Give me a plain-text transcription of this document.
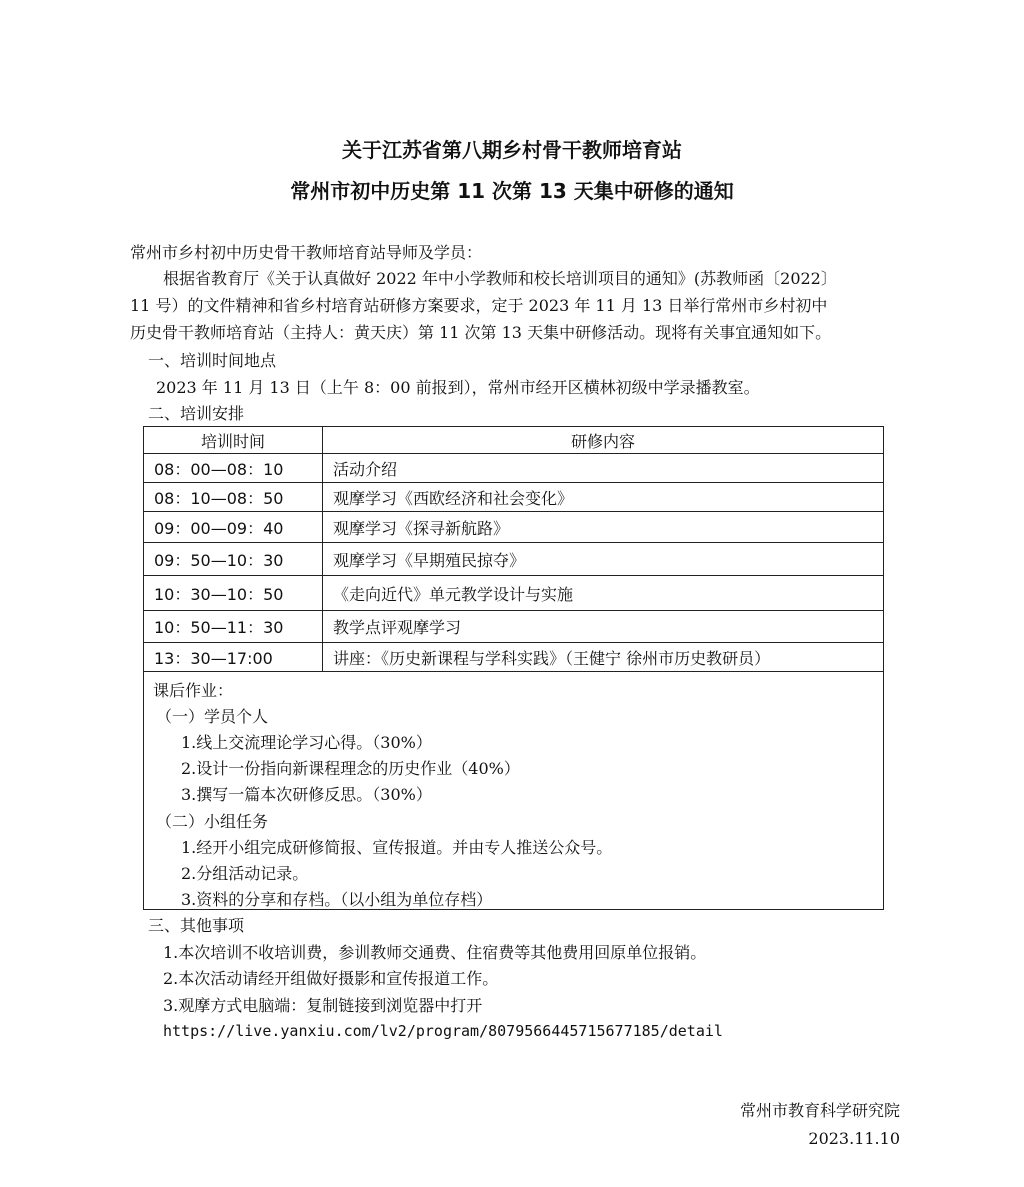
关于江苏省第八期乡村骨干教师培育站
常州市初中历史第 11 次第 13 天集中研修的通知
常州市乡村初中历史骨干教师培育站导师及学员：
根据省教育厅《关于认真做好 2022 年中小学教师和校长培训项目的通知》(苏教师函〔2022〕
11 号）的文件精神和省乡村培育站研修方案要求，定于 2023 年 11 月 13 日举行常州市乡村初中
历史骨干教师培育站（主持人：黄天庆）第 11 次第 13 天集中研修活动。现将有关事宜通知如下。
一、培训时间地点
2023 年 11 月 13 日（上午 8：00 前报到），常州市经开区横林初级中学录播教室。
二、培训安排
培训时间	研修内容
08：00—08：10	活动介绍
08：10—08：50	观摩学习《西欧经济和社会变化》
09：00—09：40	观摩学习《探寻新航路》
09：50—10：30	观摩学习《早期殖民掠夺》
10：30—10：50	《走向近代》单元教学设计与实施
10：50—11：30	教学点评观摩学习
13：30—17:00	讲座：《历史新课程与学科实践》（王健宁 徐州市历史教研员）
课后作业：
（一）学员个人
1.线上交流理论学习心得。（30%）
2.设计一份指向新课程理念的历史作业（40%）
3.撰写一篇本次研修反思。（30%）
（二）小组任务
1.经开小组完成研修简报、宣传报道。并由专人推送公众号。
2.分组活动记录。
3.资料的分享和存档。（以小组为单位存档）
三、其他事项
1.本次培训不收培训费，参训教师交通费、住宿费等其他费用回原单位报销。
2.本次活动请经开组做好摄影和宣传报道工作。
3.观摩方式电脑端：复制链接到浏览器中打开
https://live.yanxiu.com/lv2/program/8079566445715677185/detail
常州市教育科学研究院
2023.11.10
